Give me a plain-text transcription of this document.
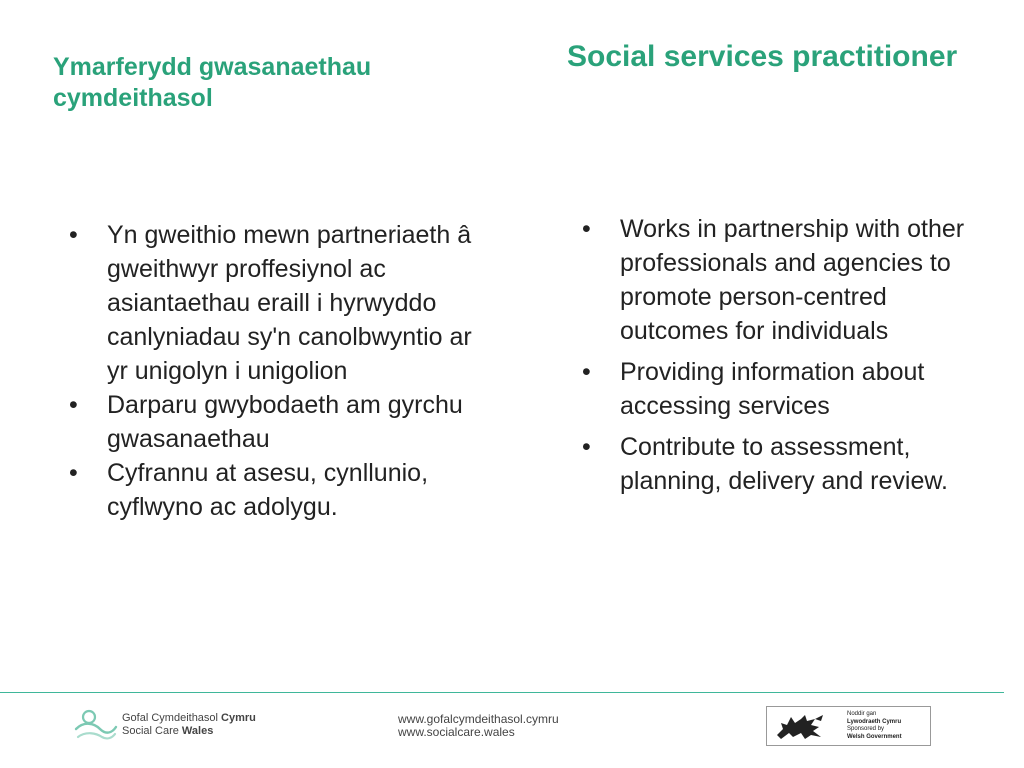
Ymarferydd gwasanaethau
cymdeithasol
Social services practitioner
• Yn gweithio mewn partneriaeth â gweithwyr proffesiynol ac asiantaethau eraill i hyrwyddo canlyniadau sy'n canolbwyntio ar yr unigolyn i unigolion
• Darparu gwybodaeth am gyrchu gwasanaethau
• Cyfrannu at asesu, cynllunio, cyflwyno ac adolygu.
• Works in partnership with other professionals and agencies to promote person-centred outcomes for individuals
• Providing information about accessing services
• Contribute to assessment, planning, delivery and review.
Gofal Cymdeithasol Cymru
Social Care Wales
www.gofalcymdeithasol.cymru
www.socialcare.wales
Noddir gan
Lywodraeth Cymru
Sponsored by
Welsh Government
